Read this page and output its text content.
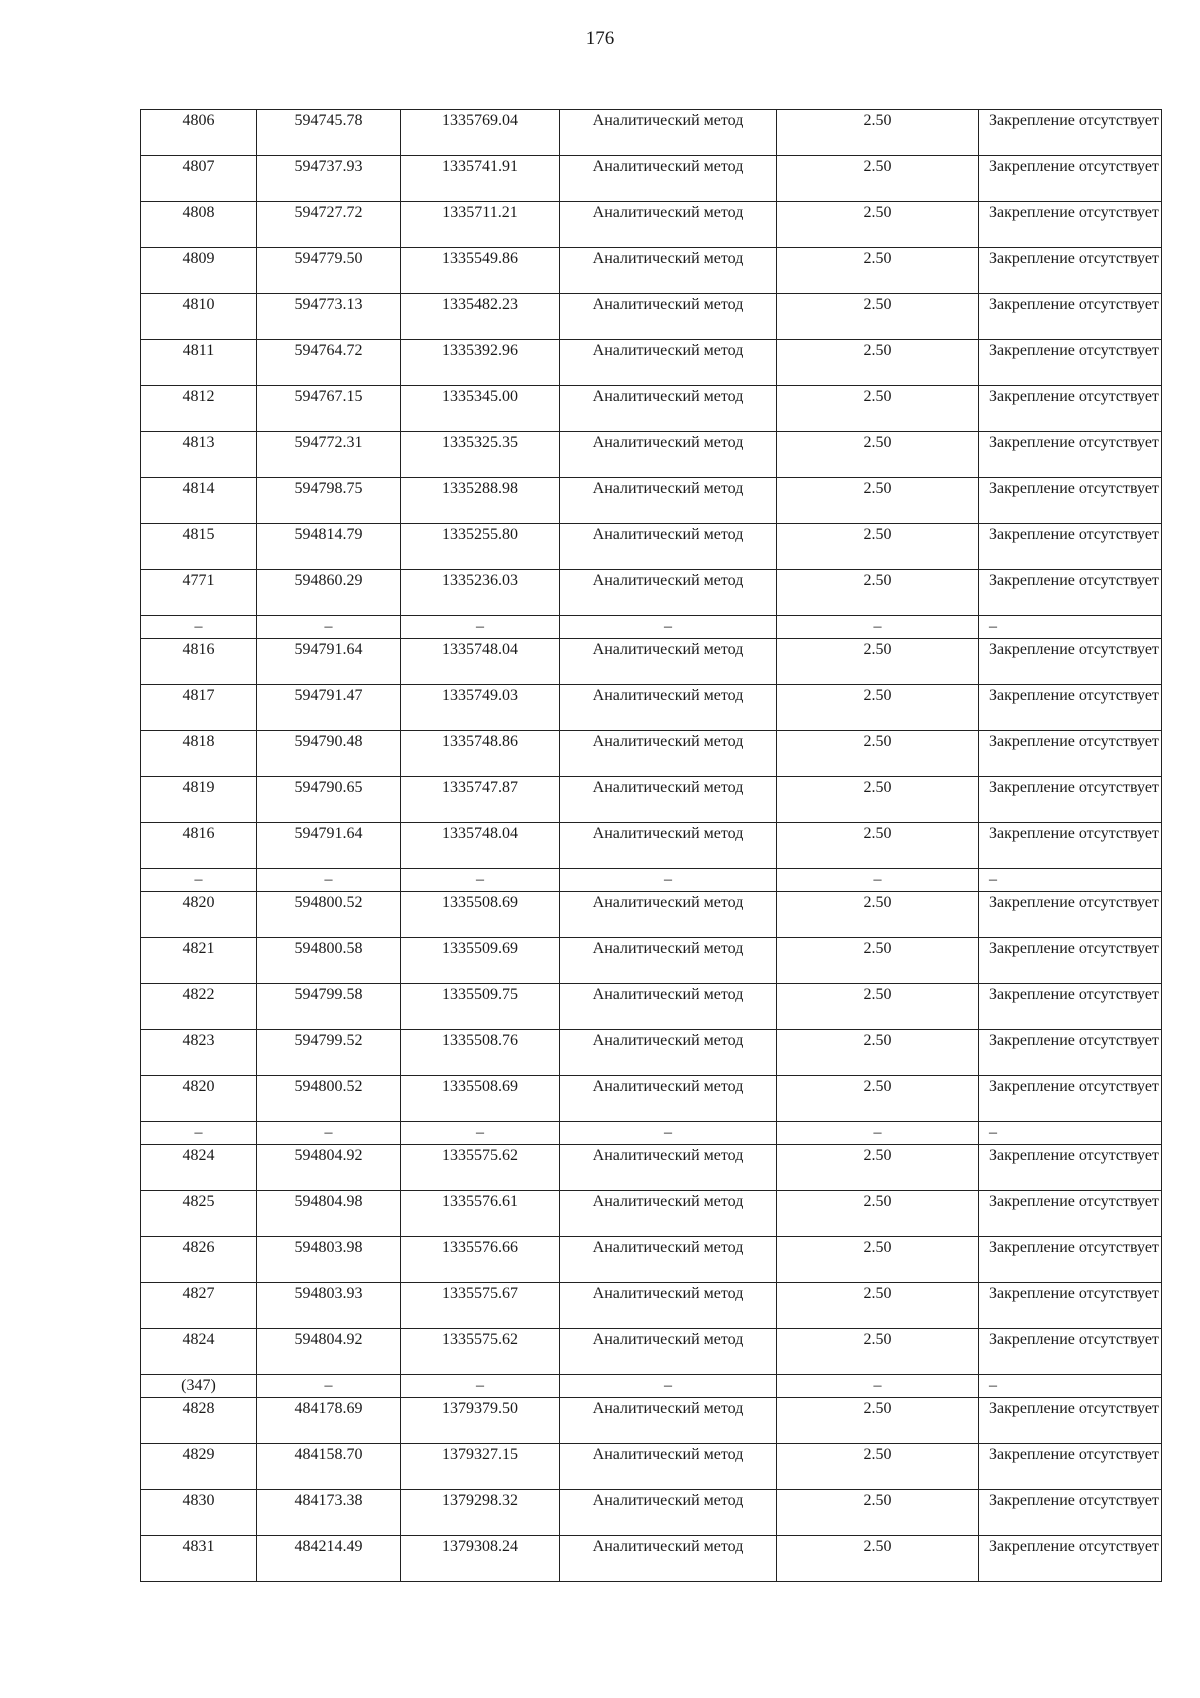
176
4806	594745.78	1335769.04	Аналитический метод	2.50	Закрепление отсутствует
4807	594737.93	1335741.91	Аналитический метод	2.50	Закрепление отсутствует
4808	594727.72	1335711.21	Аналитический метод	2.50	Закрепление отсутствует
4809	594779.50	1335549.86	Аналитический метод	2.50	Закрепление отсутствует
4810	594773.13	1335482.23	Аналитический метод	2.50	Закрепление отсутствует
4811	594764.72	1335392.96	Аналитический метод	2.50	Закрепление отсутствует
4812	594767.15	1335345.00	Аналитический метод	2.50	Закрепление отсутствует
4813	594772.31	1335325.35	Аналитический метод	2.50	Закрепление отсутствует
4814	594798.75	1335288.98	Аналитический метод	2.50	Закрепление отсутствует
4815	594814.79	1335255.80	Аналитический метод	2.50	Закрепление отсутствует
4771	594860.29	1335236.03	Аналитический метод	2.50	Закрепление отсутствует
–	–	–	–	–	–
4816	594791.64	1335748.04	Аналитический метод	2.50	Закрепление отсутствует
4817	594791.47	1335749.03	Аналитический метод	2.50	Закрепление отсутствует
4818	594790.48	1335748.86	Аналитический метод	2.50	Закрепление отсутствует
4819	594790.65	1335747.87	Аналитический метод	2.50	Закрепление отсутствует
4816	594791.64	1335748.04	Аналитический метод	2.50	Закрепление отсутствует
–	–	–	–	–	–
4820	594800.52	1335508.69	Аналитический метод	2.50	Закрепление отсутствует
4821	594800.58	1335509.69	Аналитический метод	2.50	Закрепление отсутствует
4822	594799.58	1335509.75	Аналитический метод	2.50	Закрепление отсутствует
4823	594799.52	1335508.76	Аналитический метод	2.50	Закрепление отсутствует
4820	594800.52	1335508.69	Аналитический метод	2.50	Закрепление отсутствует
–	–	–	–	–	–
4824	594804.92	1335575.62	Аналитический метод	2.50	Закрепление отсутствует
4825	594804.98	1335576.61	Аналитический метод	2.50	Закрепление отсутствует
4826	594803.98	1335576.66	Аналитический метод	2.50	Закрепление отсутствует
4827	594803.93	1335575.67	Аналитический метод	2.50	Закрепление отсутствует
4824	594804.92	1335575.62	Аналитический метод	2.50	Закрепление отсутствует
(347)	–	–	–	–	–
4828	484178.69	1379379.50	Аналитический метод	2.50	Закрепление отсутствует
4829	484158.70	1379327.15	Аналитический метод	2.50	Закрепление отсутствует
4830	484173.38	1379298.32	Аналитический метод	2.50	Закрепление отсутствует
4831	484214.49	1379308.24	Аналитический метод	2.50	Закрепление отсутствует
